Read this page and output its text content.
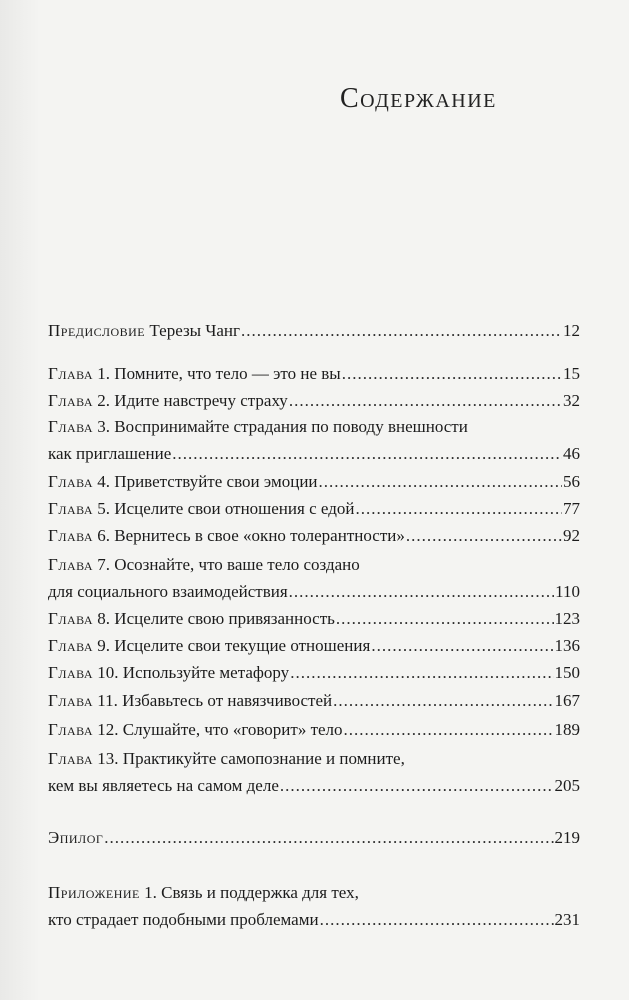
Содержание
Предисловие Терезы Чанг .....	12
Глава 1. Помните, что тело — это не вы .....	15
Глава 2. Идите навстречу страху .....	32
Глава 3. Воспринимайте страдания по поводу внешности
как приглашение .....	46
Глава 4. Приветствуйте свои эмоции .....	56
Глава 5. Исцелите свои отношения с едой .....	77
Глава 6. Вернитесь в свое «окно толерантности» .....	92
Глава 7. Осознайте, что ваше тело создано
для социального взаимодействия .....	110
Глава 8. Исцелите свою привязанность .....	123
Глава 9. Исцелите свои текущие отношения .....	136
Глава 10. Используйте метафору .....	150
Глава 11. Избавьтесь от навязчивостей .....	167
Глава 12. Слушайте, что «говорит» тело .....	189
Глава 13. Практикуйте самопознание и помните,
кем вы являетесь на самом деле .....	205
Эпилог .....	219
Приложение 1. Связь и поддержка для тех,
кто страдает подобными проблемами .....	231
